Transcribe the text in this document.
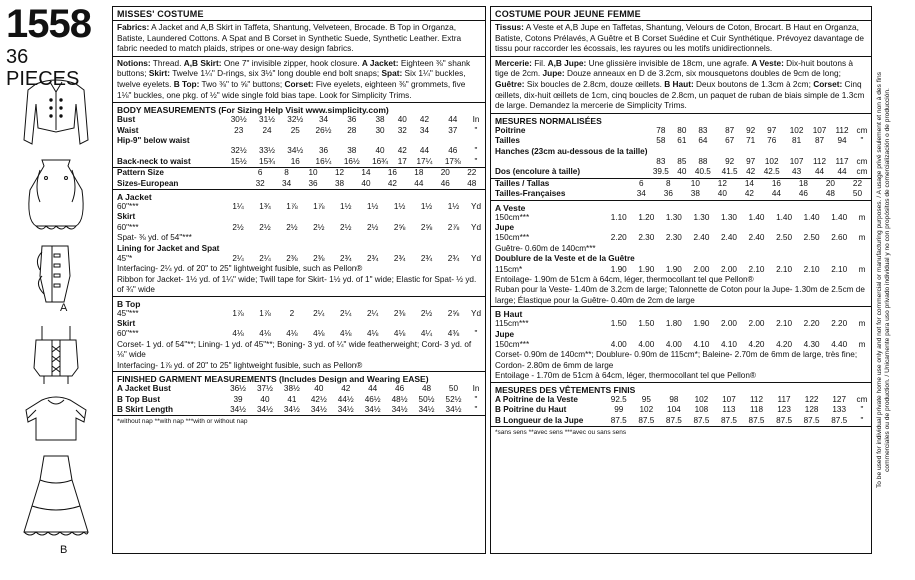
1558
36 PIECES
A
B
MISSES' COSTUME
Fabrics: A Jacket and A,B Skirt in Taffeta, Shantung, Velveteen, Brocade. B Top in Organza, Batiste, Laundered Cottons. A Spat and B Corset in Synthetic Suede, Synthetic Leather. Extra fabric needed to match plaids, stripes or one-way design fabrics.
Notions: Thread. A,B Skirt: One 7" invisible zipper, hook closure. A Jacket: Eighteen ⅜" shank buttons; Skirt: Twelve 1¼" D-rings, six 3½" long double end bolt snaps; Spat: Six 1¼" buckles, twelve eyelets. B Top: Two ⅜" to ⅝" buttons; Corset: Five eyelets, eighteen ⅜" grommets, five 1⅛" buckles, one pkg. of ½" wide single fold bias tape. Look for Simplicity Trims.
BODY MEASUREMENTS (For Sizing Help Visit www.simplicity.com)
Bust	30½	31½	32½	34	36	38	40	42	44	In
Waist	23	24	25	26½	28	30	32	34	37	"
Hip-9" below waist										
	32½	33½	34½	36	38	40	42	44	46	"
Back-neck to waist	15½	15¾	16	16¼	16½	16¾	17	17¼	17⅜	"
Pattern Size	6	8	10	12	14	16	18	20	22
Sizes-European	32	34	36	38	40	42	44	46	48
A Jacket
60"***	1¼	1¾	1⅞	1⅞	1½	1½	1½	1½	1½	Yd
Skirt										
60"***	2½	2½	2½	2½	2½	2½	2⅝	2⅝	2⅞	Yd
Spat- ⅜ yd. of 54"***
Lining for Jacket and Spat
45"*	2¼	2¼	2⅜	2⅜	2¾	2¾	2¾	2¾	2¾	Yd
Interfacing- 2¼ yd. of 20" to 25" lightweight fusible, such as Pellon®
Ribbon for Jacket- 1½ yd. of 1¼" wide; Twill tape for Skirt- 1½ yd. of 1" wide; Elastic for Spat- ½ yd. of ¾" wide
B Top
45"***	1⅞	1⅞	2	2¼	2¼	2¼	2⅜	2½	2⅝	Yd
Skirt										
60"***	4⅛	4⅛	4⅛	4⅛	4⅛	4⅛	4⅛	4¼	4⅜	"
Corset- 1 yd. of 54"**; Lining- 1 yd. of 45"**; Boning- 3 yd. of ¼" wide featherweight; Cord- 3 yd. of ⅛" wide
Interfacing- 1⅞ yd. of 20" to 25" lightweight fusible, such as Pellon®
FINISHED GARMENT MEASUREMENTS (Includes Design and Wearing EASE)
A Jacket Bust	36½	37½	38½	40	42	44	46	48	50	In
B Top Bust	39	40	41	42½	44½	46½	48½	50½	52½	"
B Skirt Length	34½	34½	34½	34½	34½	34½	34½	34½	34½	"
*without nap **with nap ***with or without nap
COSTUME POUR JEUNE FEMME
Tissus: A Veste et A,B Jupe en Taffetas, Shantung, Velours de Coton, Brocart. B Haut en Organza, Batiste, Cotons Prélavés, A Guêtre et B Corset Suédine et Cuir Synthétique. Prévoyez davantage de tissu pour raccorder les écossais, les rayures ou les motifs unidirectionnels.
Mercerie: Fil. A,B Jupe: Une glissière invisible de 18cm, une agrafe. A Veste: Dix-huit boutons à tige de 2cm. Jupe: Douze anneaux en D de 3.2cm, six mousquetons doubles de 9cm de long; Guêtre: Six boucles de 2.8cm, douze œillets. B Haut: Deux boutons de 1.3cm à 2cm; Corset: Cinq œillets, dix-huit œillets de 1cm, cinq boucles de 2.8cm, un paquet de ruban de biais simple de 1.3cm de large. Demandez la mercerie de Simplicity Trims.
MESURES NORMALISÉES
Poitrine	78	80	83	87	92	97	102	107	112	cm
Tailles	58	61	64	67	71	76	81	87	94	"
Hanches (23cm au-dessous de la taille)										
	83	85	88	92	97	102	107	112	117	cm
Dos (encolure à taille)	39.5	40	40.5	41.5	42	42.5	43	44	44	cm
Tailles / Tallas	6	8	10	12	14	16	18	20	22
Tailles-Françaises	34	36	38	40	42	44	46	48	50
A Veste
150cm***	1.10	1.20	1.30	1.30	1.30	1.40	1.40	1.40	1.40	m
Jupe										
150cm***	2.20	2.30	2.30	2.40	2.40	2.40	2.50	2.50	2.60	m
Guêtre- 0.60m de 140cm***
Doublure de la Veste et de la Guêtre
115cm*	1.90	1.90	1.90	2.00	2.00	2.10	2.10	2.10	2.10	m
Entoilage- 1.90m de 51cm à 64cm, léger, thermocollant tel que Pellon®
Ruban pour la Veste- 1.40m de 3.2cm de large; Talonnette de Coton pour la Jupe- 1.30m de 2.5cm de large; Élastique pour la Guêtre- 0.40m de 2cm de large
B Haut
115cm***	1.50	1.50	1.80	1.90	2.00	2.00	2.10	2.20	2.20	m
Jupe										
150cm***	4.00	4.00	4.00	4.10	4.10	4.20	4.20	4.30	4.40	m
Corset- 0.90m de 140cm**; Doublure- 0.90m de 115cm*; Baleine- 2.70m de 6mm de large, très fine; Cordon- 2.80m de 6mm de large
Entoilage - 1.70m de 51cm à 64cm, léger, thermocollant tel que Pellon®
MESURES DES VÊTEMENTS FINIS
A Poitrine de la Veste	92.5	95	98	102	107	112	117	122	127	cm
B Poitrine du Haut	99	102	104	108	113	118	123	128	133	"
B Longueur de la Jupe	87.5	87.5	87.5	87.5	87.5	87.5	87.5	87.5	87.5	"
*sans sens **avec sens ***avec ou sans sens	To be used for individual private home use only and not for commercial or manufacturing purposes. / A usage privé seulement et non à des fins commerciales ou de production. / Unicamente para uso privado individual y no con propósitos de comercialización o de producción.
